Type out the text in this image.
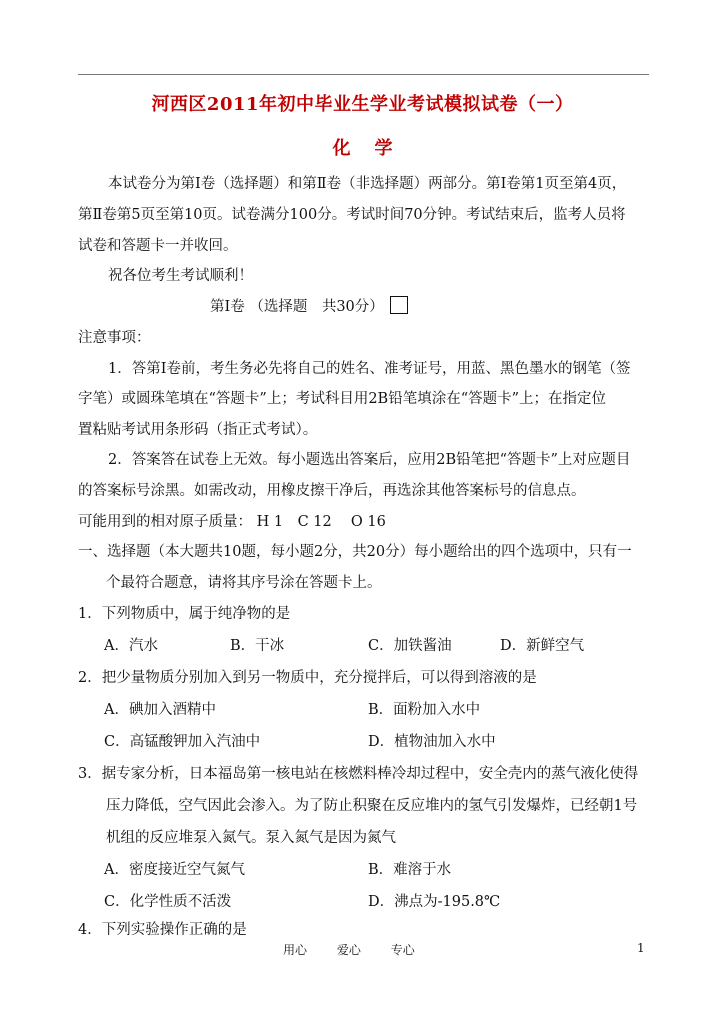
河西区2011年初中毕业生学业考试模拟试卷（一）
化学
本试卷分为第Ⅰ卷（选择题）和第Ⅱ卷（非选择题）两部分。第Ⅰ卷第1页至第4页，
第Ⅱ卷第5页至第10页。试卷满分100分。考试时间70分钟。考试结束后，监考人员将
试卷和答题卡一并收回。
祝各位考生考试顺利！
第Ⅰ卷 （选择题　共30分）
注意事项：
1．答第Ⅰ卷前，考生务必先将自己的姓名、准考证号，用蓝、黑色墨水的钢笔（签
字笔）或圆珠笔填在“答题卡”上；考试科目用2B铅笔填涂在“答题卡”上；在指定位
置粘贴考试用条形码（指正式考试）。
2．答案答在试卷上无效。每小题选出答案后，应用2B铅笔把“答题卡”上对应题目
的答案标号涂黑。如需改动，用橡皮擦干净后，再选涂其他答案标号的信息点。
可能用到的相对原子质量： H 1　C 12　 O 16
一、选择题（本大题共10题，每小题2分，共20分）每小题给出的四个选项中，只有一
个最符合题意，请将其序号涂在答题卡上。
1．下列物质中，属于纯净物的是
A．汽水	B．干冰	C．加铁酱油	D．新鲜空气
2．把少量物质分别加入到另一物质中，充分搅拌后，可以得到溶液的是
A．碘加入酒精中	B．面粉加入水中
C．高锰酸钾加入汽油中	D．植物油加入水中
3．据专家分析，日本福岛第一核电站在核燃料棒冷却过程中，安全壳内的蒸气液化使得
压力降低，空气因此会渗入。为了防止积聚在反应堆内的氢气引发爆炸，已经朝1号
机组的反应堆泵入氮气。泵入氮气是因为氮气
A．密度接近空气氮气	B．难溶于水
C．化学性质不活泼	D．沸点为-195.8℃
4．下列实验操作正确的是
用心 爱心 专心	1
